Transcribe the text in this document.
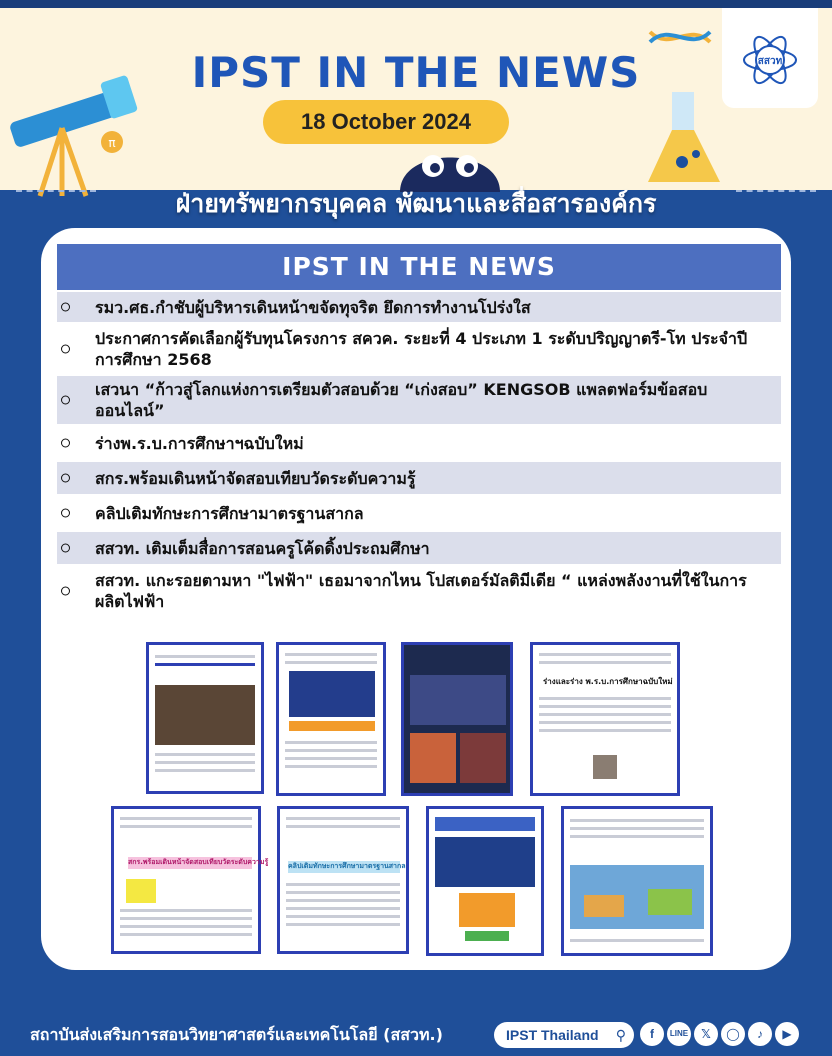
π
สสวท
IPST IN THE NEWS
18 October 2024
ฝ่ายทรัพยากรบุคคล พัฒนาและสื่อสารองค์กร
IPST IN THE NEWS
รมว.ศธ.กำชับผู้บริหารเดินหน้าขจัดทุจริต ยึดการทำงานโปร่งใส
ประกาศการคัดเลือกผู้รับทุนโครงการ สควค. ระยะที่ 4 ประเภท 1 ระดับปริญญาตรี-โท ประจำปีการศึกษา 2568
เสวนา “ก้าวสู่โลกแห่งการเตรียมตัวสอบด้วย “เก่งสอบ” KENGSOB แพลตฟอร์มข้อสอบออนไลน์”
ร่างพ.ร.บ.การศึกษาฯฉบับใหม่
สกร.พร้อมเดินหน้าจัดสอบเทียบวัดระดับความรู้
คลิปเติมทักษะการศึกษามาตรฐานสากล
สสวท. เติมเต็มสื่อการสอนครูโค้ดดิ้งประถมศึกษา
สสวท. แกะรอยตามหา "ไฟฟ้า" เธอมาจากไหน โปสเตอร์มัลติมีเดีย “ แหล่งพลังงานที่ใช้ในการผลิตไฟฟ้า
ร่างและร่าง พ.ร.บ.การศึกษาฉบับใหม่
สกร.พร้อมเดินหน้าจัดสอบเทียบวัดระดับความรู้	คลิปเติมทักษะการศึกษามาตรฐานสากล
สถาบันส่งเสริมการสอนวิทยาศาสตร์และเทคโนโลยี (สสวท.)	IPST Thailand ⚲	f	LINE	𝕏	◯	♪	▶
